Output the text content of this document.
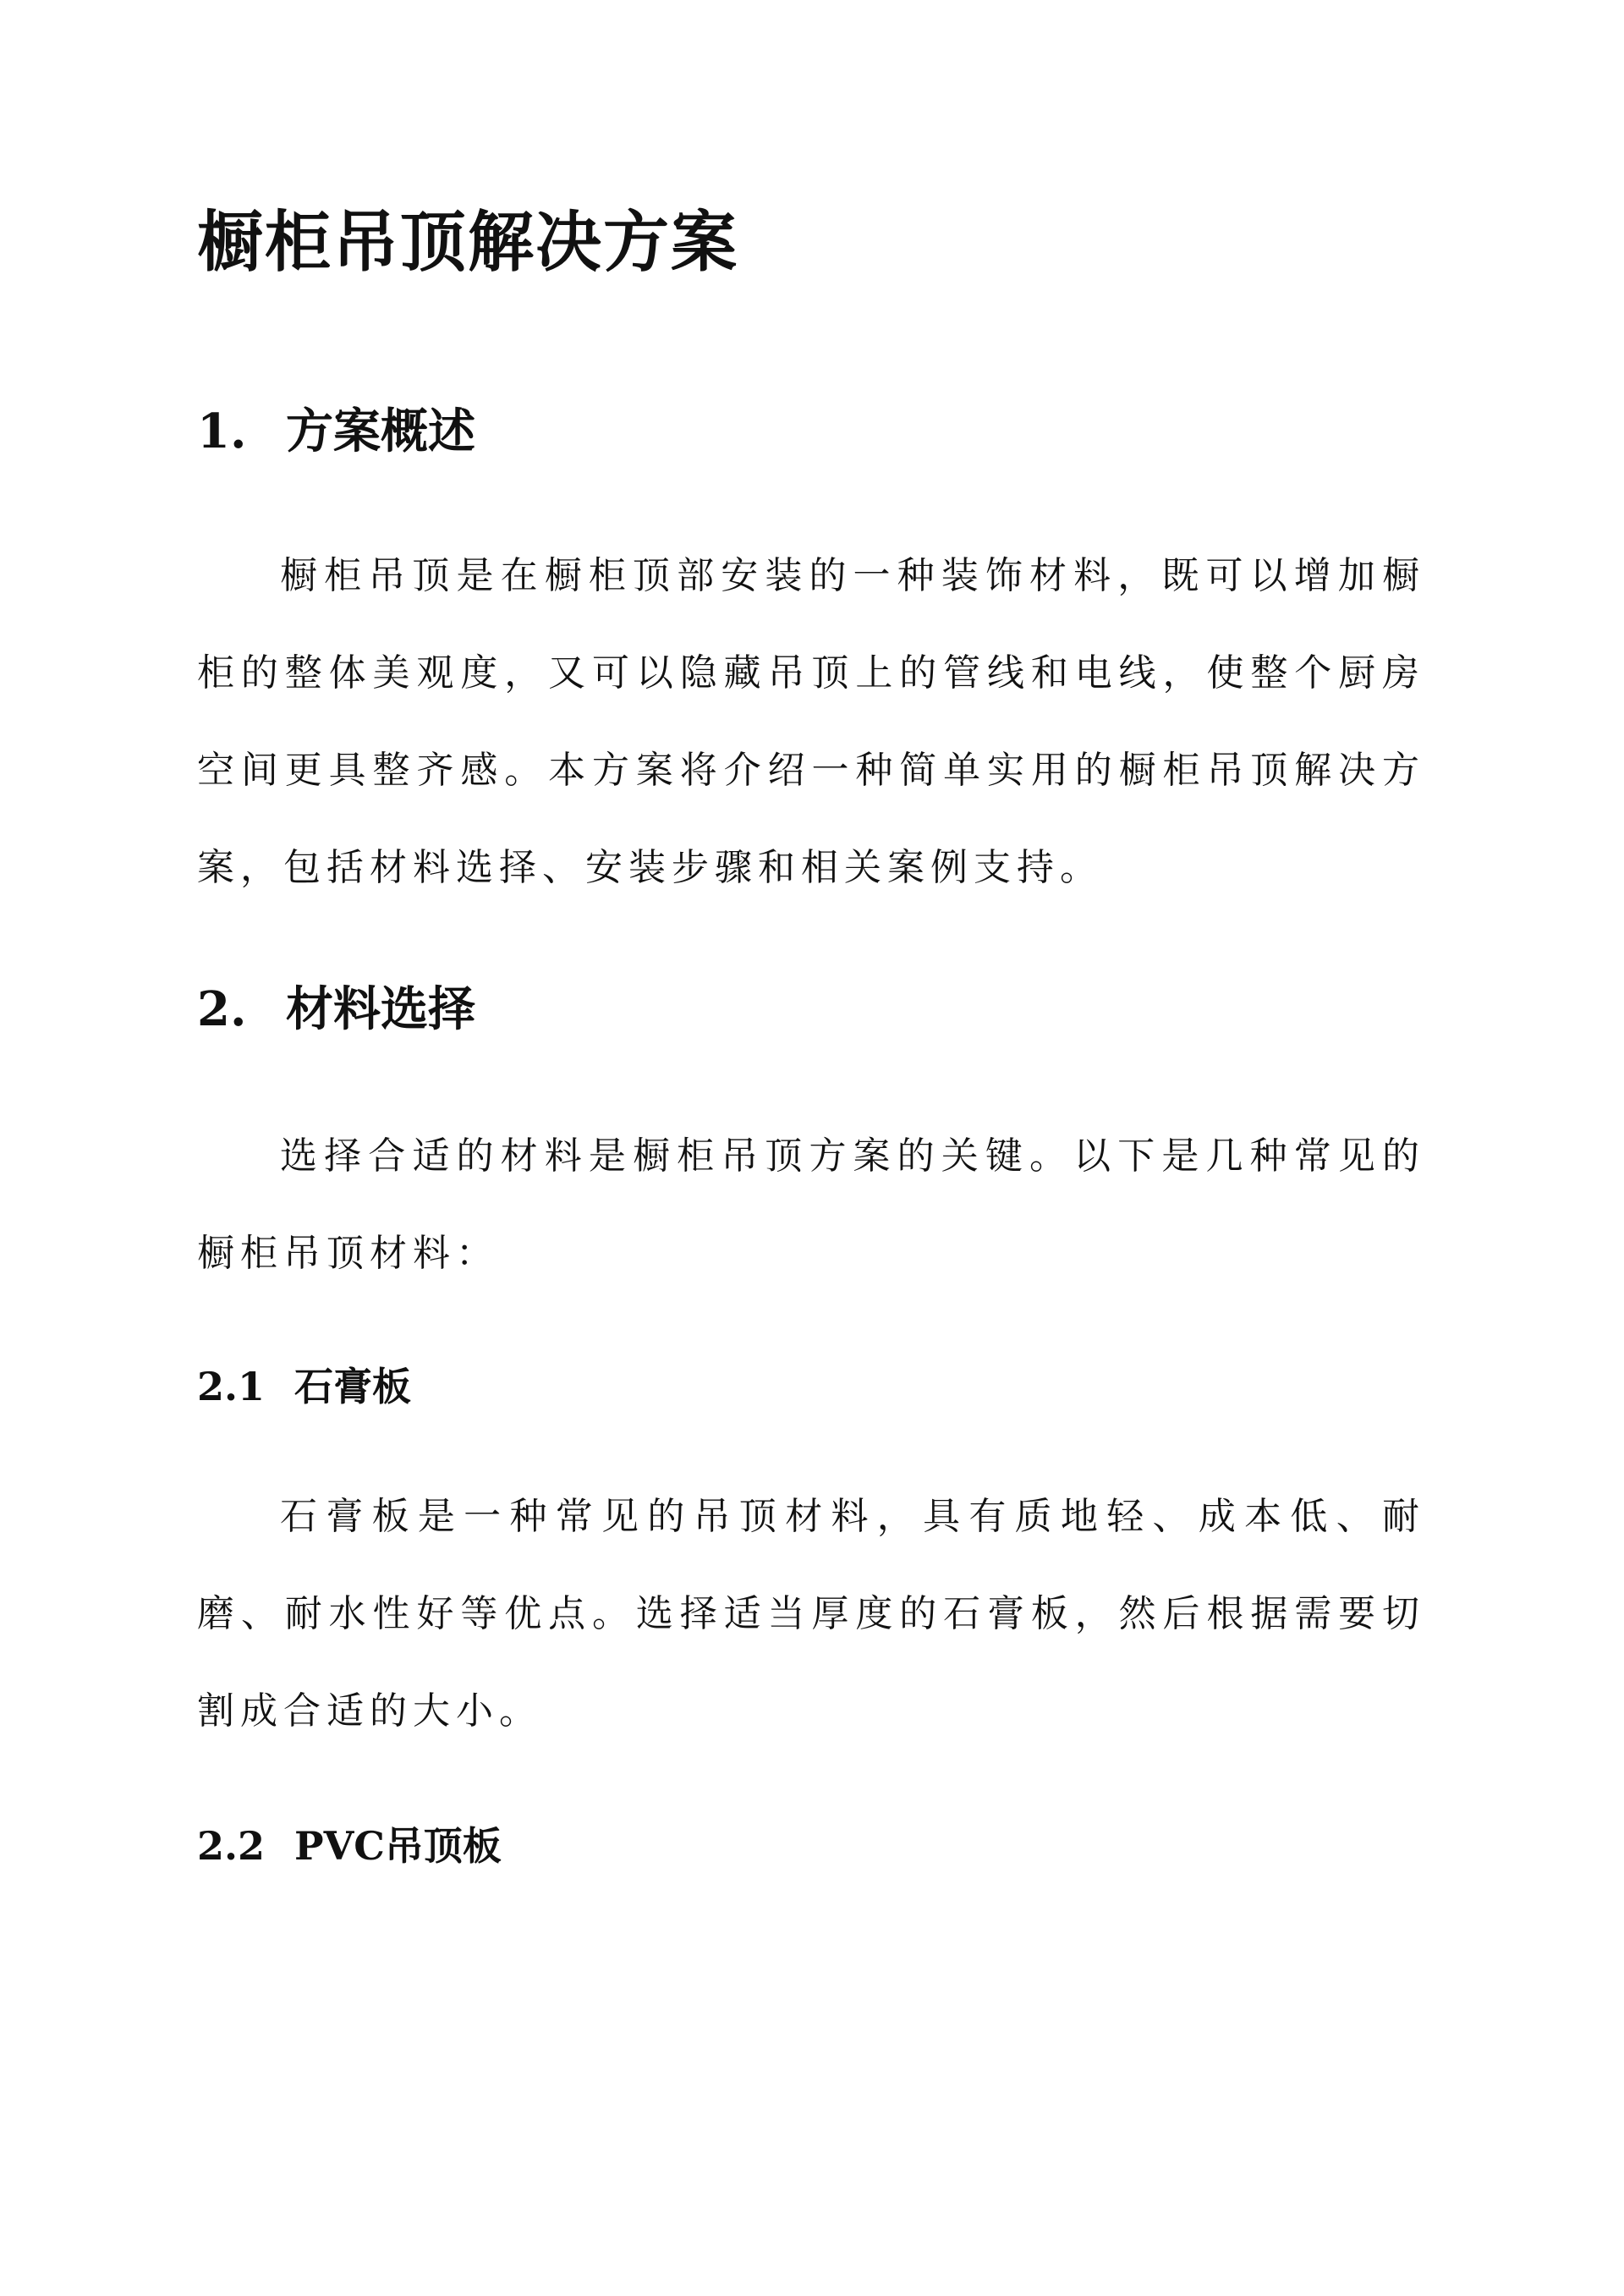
橱柜吊顶解决方案
1. 方案概述

橱柜吊顶是在橱柜顶部安装的一种装饰材料，既可以增加橱柜的整体美观度，又可以隐藏吊顶上的管线和电线，使整个厨房空间更具整齐感。本方案将介绍一种简单实用的橱柜吊顶解决方案，包括材料选择、安装步骤和相关案例支持。

2. 材料选择

选择合适的材料是橱柜吊顶方案的关键。以下是几种常见的橱柜吊顶材料：

2.1 石膏板

石膏板是一种常见的吊顶材料，具有质地轻、成本低、耐磨、耐水性好等优点。选择适当厚度的石膏板，然后根据需要切割成合适的大小。

2.2 PVC吊顶板
